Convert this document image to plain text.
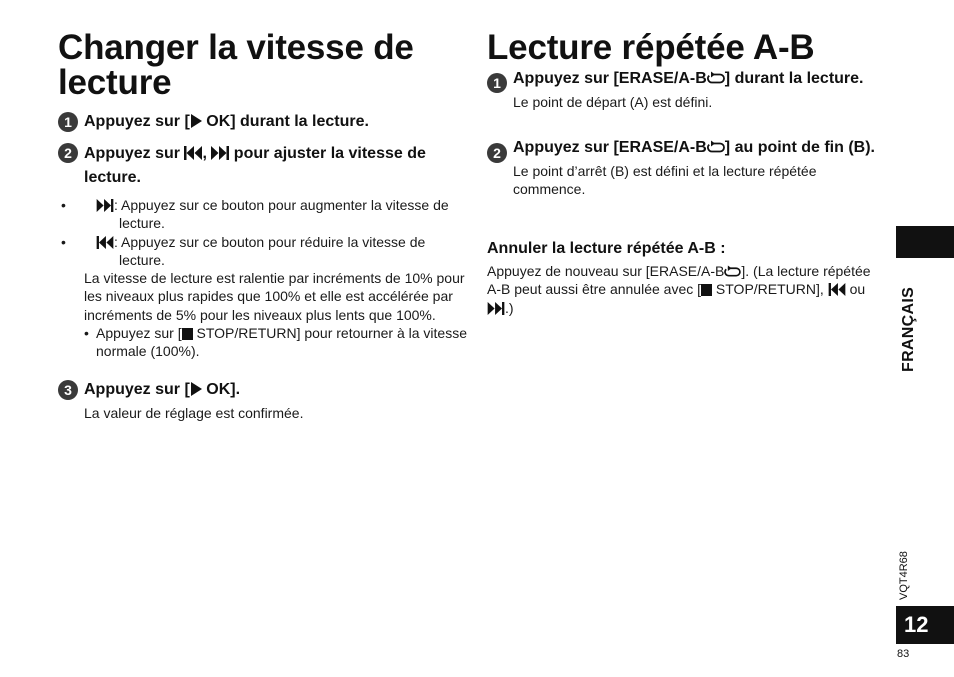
Changer la vitesse de lecture
1 Appuyez sur [ OK] durant la lecture.
2 Appuyez sur ,  pour ajuster la vitesse de lecture.
• : Appuyez sur ce bouton pour augmenter la vitesse de lecture.
• : Appuyez sur ce bouton pour réduire la vitesse de lecture.
La vitesse de lecture est ralentie par incréments de 10% pour les niveaux plus rapides que 100% et elle est accélérée par incréments de 5% pour les niveaux plus lents que 100%.
• Appuyez sur [ STOP/RETURN] pour retourner à la vitesse normale (100%).
3 Appuyez sur [ OK].
La valeur de réglage est confirmée.
Lecture répétée A-B
1 Appuyez sur [ERASE/A-B ] durant la lecture.
Le point de départ (A) est défini.
2 Appuyez sur [ERASE/A-B ] au point de fin (B).
Le point d’arrêt (B) est défini et la lecture répétée commence.
Annuler la lecture répétée A-B :
Appuyez de nouveau sur [ERASE/A-B ]. (La lecture répétée A-B peut aussi être annulée avec [ STOP/RETURN],  ou .)	FRANÇAIS
VQT4R68
12
83
